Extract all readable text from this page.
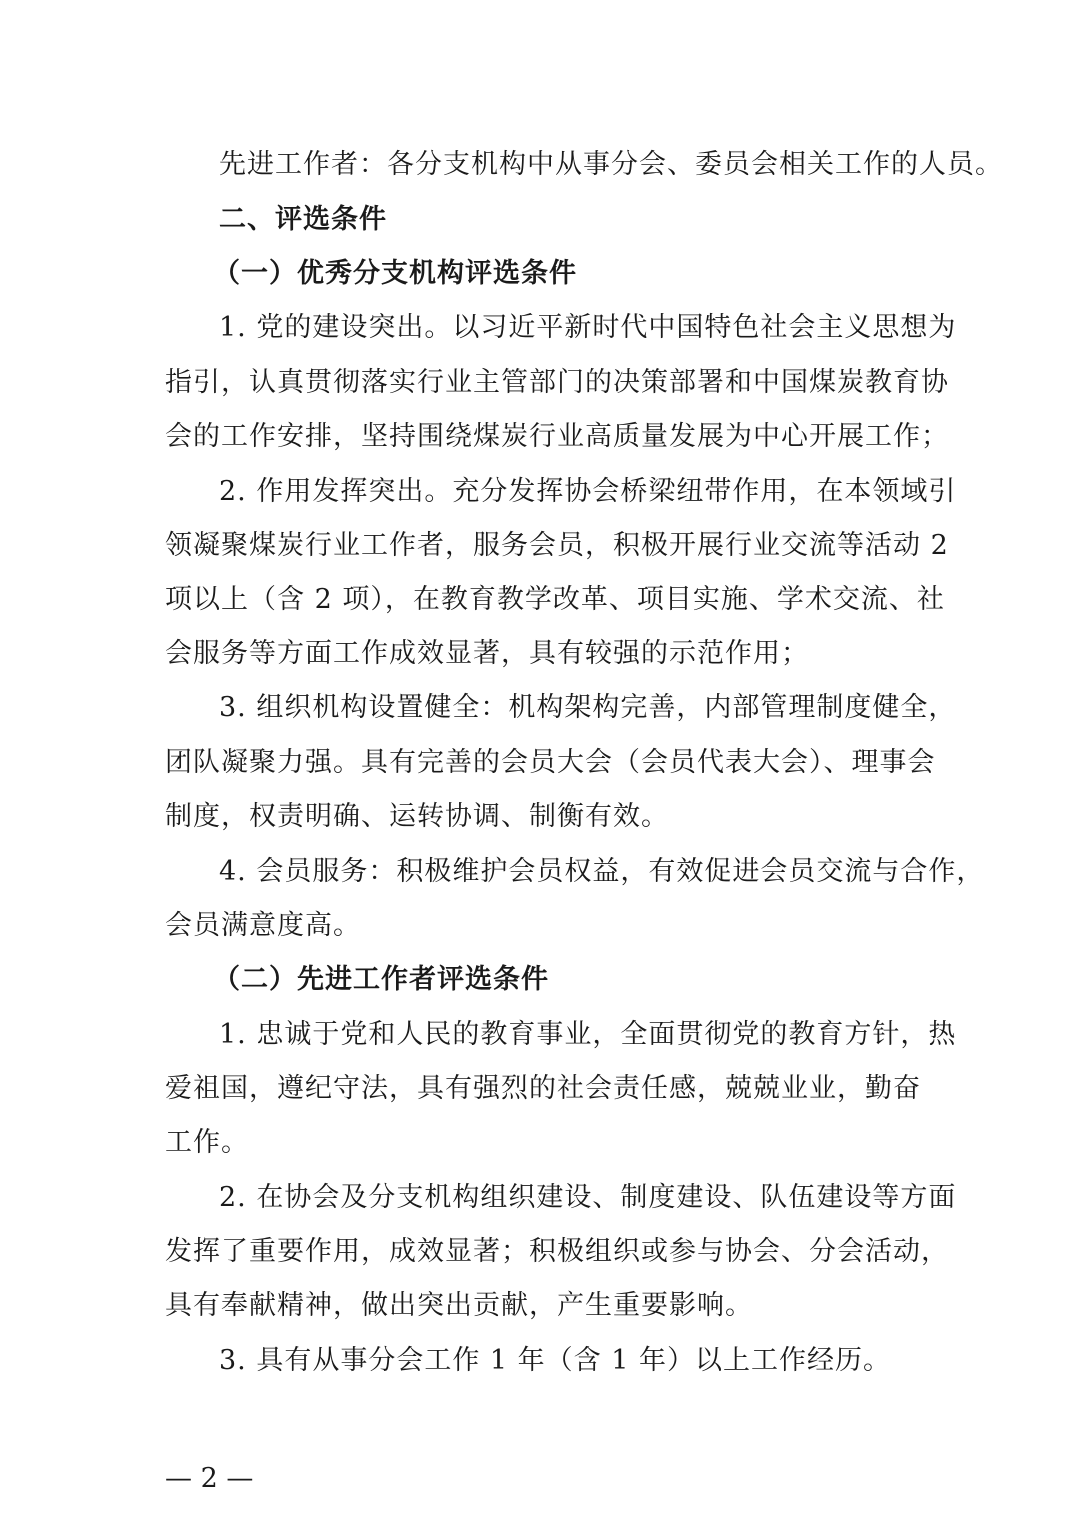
先进工作者：各分支机构中从事分会、委员会相关工作的人员。
二、评选条件
（一）优秀分支机构评选条件
1. 党的建设突出。以习近平新时代中国特色社会主义思想为
指引，认真贯彻落实行业主管部门的决策部署和中国煤炭教育协
会的工作安排，坚持围绕煤炭行业高质量发展为中心开展工作；
2. 作用发挥突出。充分发挥协会桥梁纽带作用，在本领域引
领凝聚煤炭行业工作者，服务会员，积极开展行业交流等活动 2
项以上（含 2 项），在教育教学改革、项目实施、学术交流、社
会服务等方面工作成效显著，具有较强的示范作用；
3. 组织机构设置健全：机构架构完善，内部管理制度健全，
团队凝聚力强。具有完善的会员大会（会员代表大会）、理事会
制度，权责明确、运转协调、制衡有效。
4. 会员服务：积极维护会员权益，有效促进会员交流与合作，
会员满意度高。
（二）先进工作者评选条件
1. 忠诚于党和人民的教育事业，全面贯彻党的教育方针，热
爱祖国，遵纪守法，具有强烈的社会责任感，兢兢业业，勤奋
工作。
2. 在协会及分支机构组织建设、制度建设、队伍建设等方面
发挥了重要作用，成效显著；积极组织或参与协会、分会活动，
具有奉献精神，做出突出贡献，产生重要影响。
3. 具有从事分会工作 1 年（含 1 年）以上工作经历。
— 2 —
